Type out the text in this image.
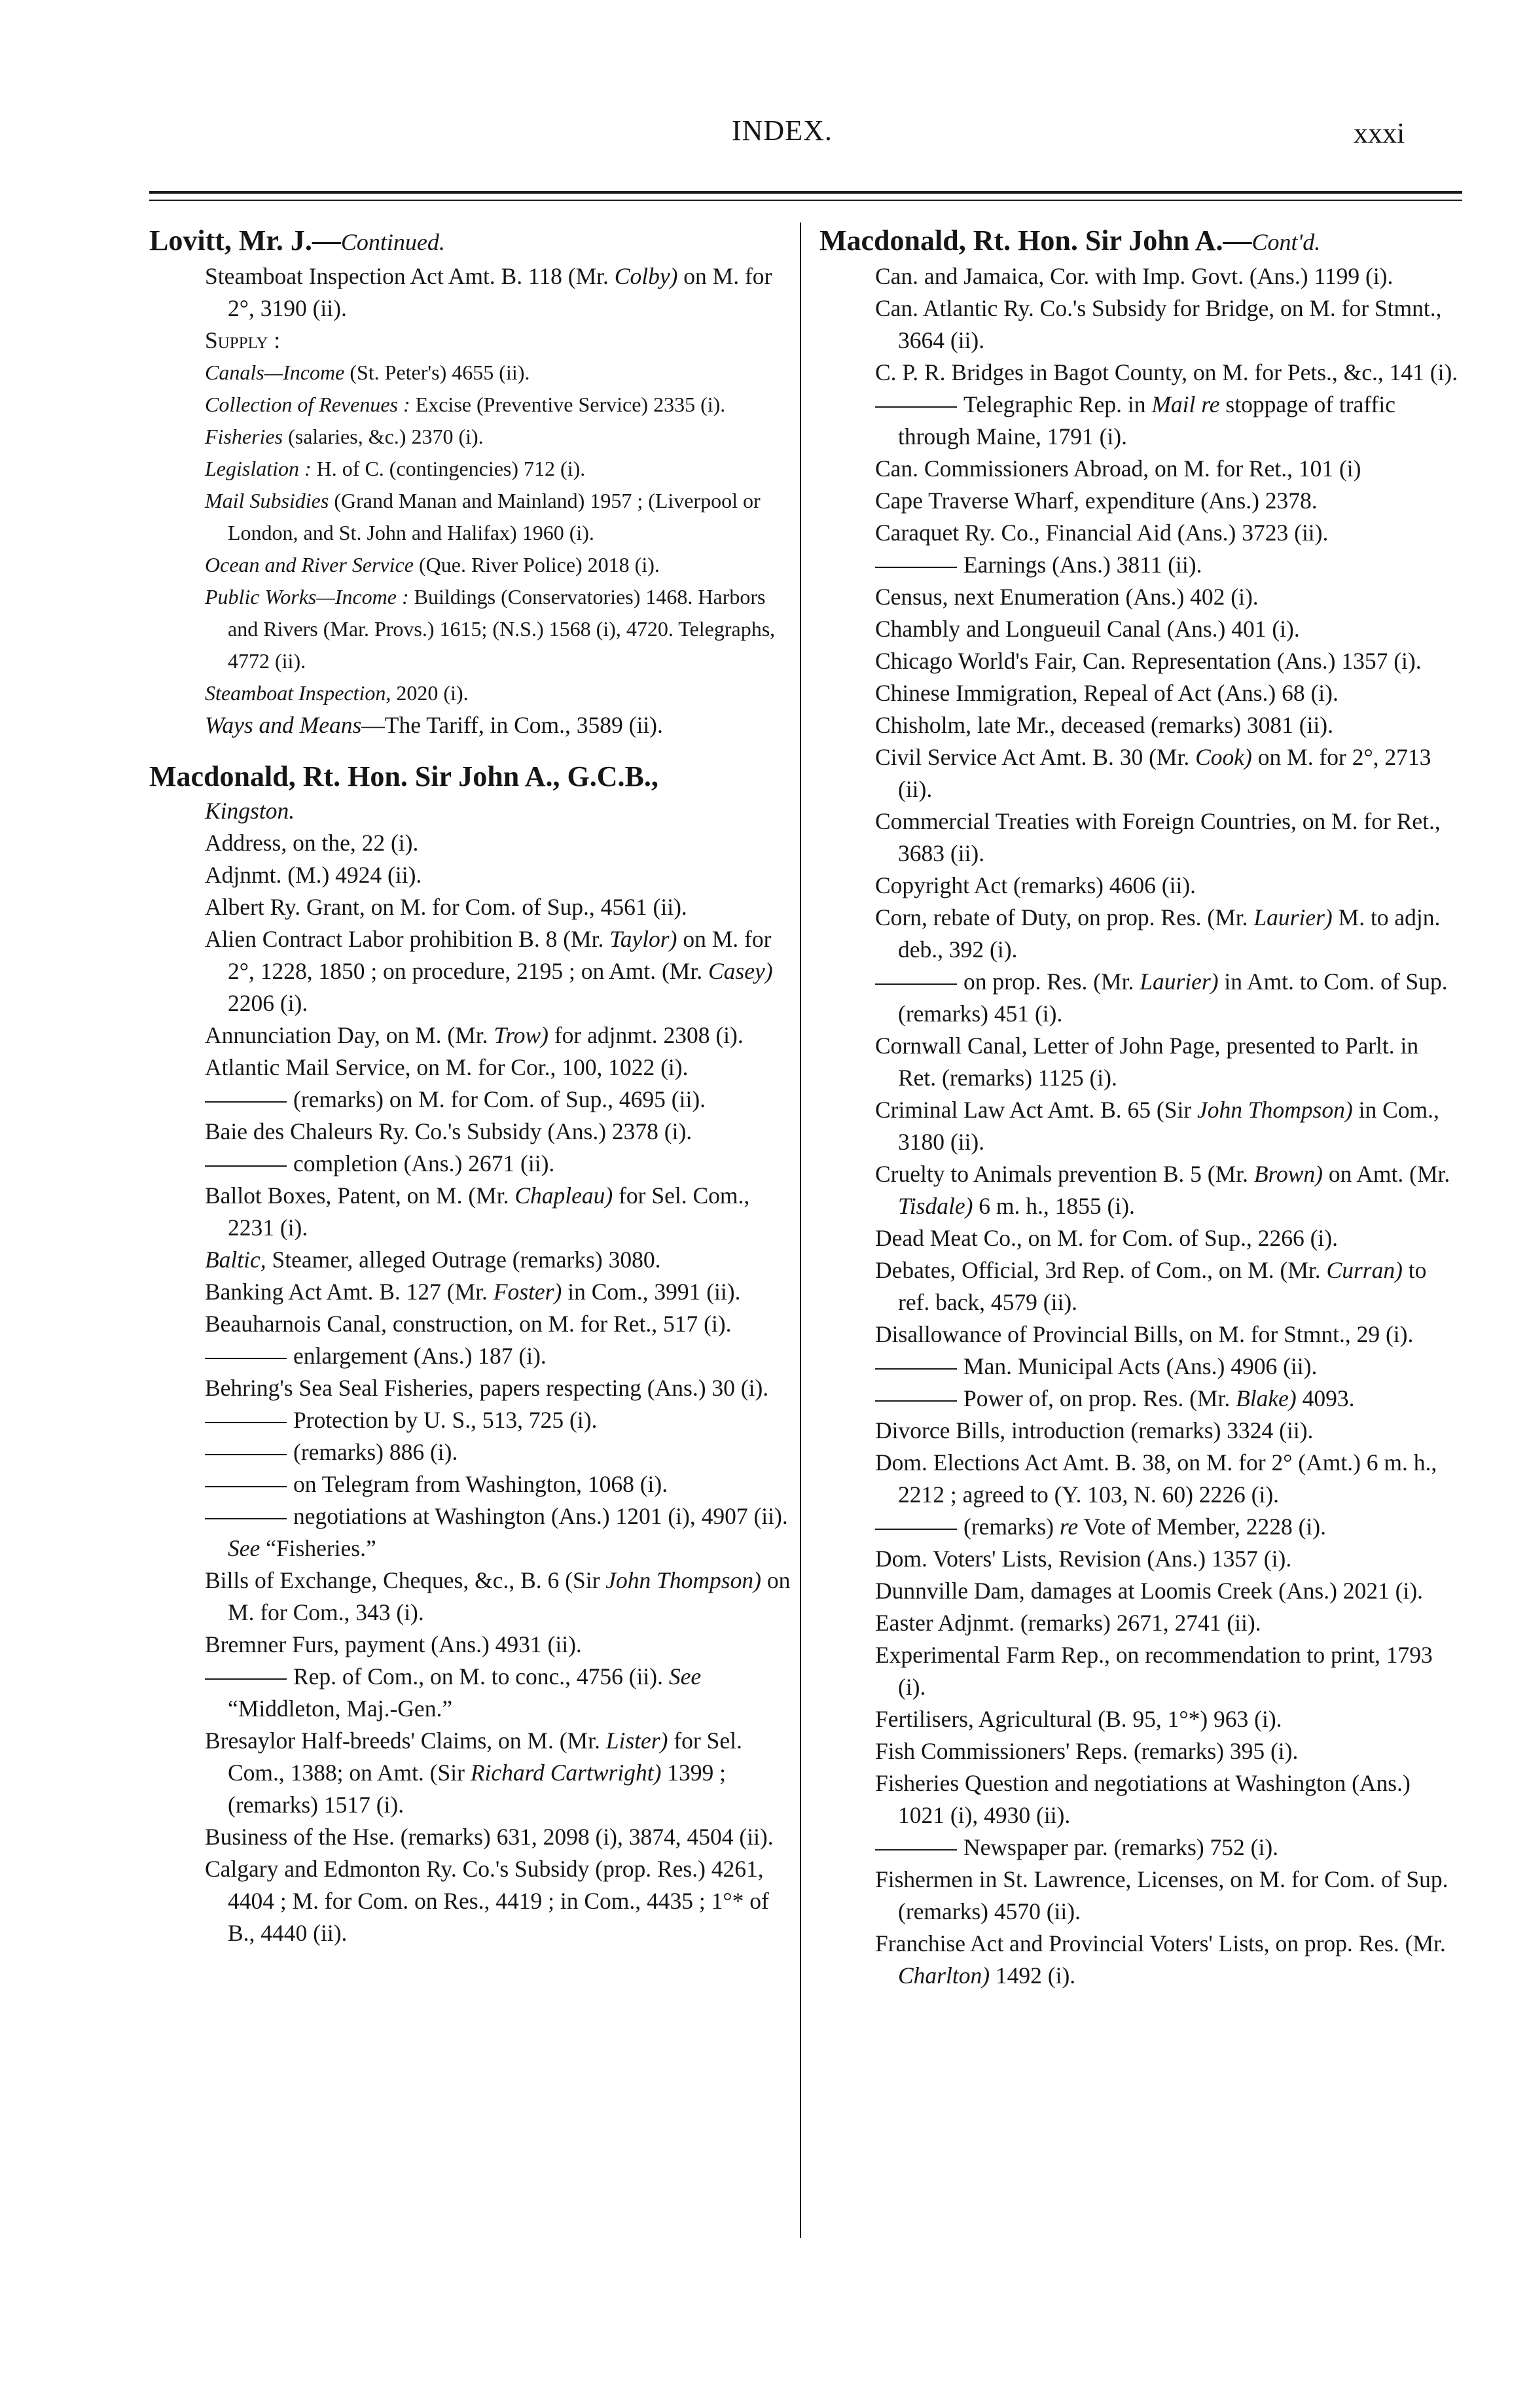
INDEX.	xxxi
Lovitt, Mr. J.—Continued.
Steamboat Inspection Act Amt. B. 118 (Mr. Colby) on M. for 2°, 3190 (ii).
Supply :
Canals—Income (St. Peter's) 4655 (ii).
Collection of Revenues : Excise (Preventive Service) 2335 (i).
Fisheries (salaries, &c.) 2370 (i).
Legislation : H. of C. (contingencies) 712 (i).
Mail Subsidies (Grand Manan and Mainland) 1957 ; (Liverpool or London, and St. John and Halifax) 1960 (i).
Ocean and River Service (Que. River Police) 2018 (i).
Public Works—Income : Buildings (Conservatories) 1468. Harbors and Rivers (Mar. Provs.) 1615; (N.S.) 1568 (i), 4720. Telegraphs, 4772 (ii).
Steamboat Inspection, 2020 (i).
Ways and Means—The Tariff, in Com., 3589 (ii).
Macdonald, Rt. Hon. Sir John A., G.C.B.,
Kingston.
Address, on the, 22 (i).
Adjnmt. (M.) 4924 (ii).
Albert Ry. Grant, on M. for Com. of Sup., 4561 (ii).
Alien Contract Labor prohibition B. 8 (Mr. Taylor) on M. for 2°, 1228, 1850 ; on procedure, 2195 ; on Amt. (Mr. Casey) 2206 (i).
Annunciation Day, on M. (Mr. Trow) for adjnmt. 2308 (i).
Atlantic Mail Service, on M. for Cor., 100, 1022 (i).
(remarks) on M. for Com. of Sup., 4695 (ii).
Baie des Chaleurs Ry. Co.'s Subsidy (Ans.) 2378 (i).
completion (Ans.) 2671 (ii).
Ballot Boxes, Patent, on M. (Mr. Chapleau) for Sel. Com., 2231 (i).
Baltic, Steamer, alleged Outrage (remarks) 3080.
Banking Act Amt. B. 127 (Mr. Foster) in Com., 3991 (ii).
Beauharnois Canal, construction, on M. for Ret., 517 (i).
enlargement (Ans.) 187 (i).
Behring's Sea Seal Fisheries, papers respecting (Ans.) 30 (i).
Protection by U. S., 513, 725 (i).
(remarks) 886 (i).
on Telegram from Washington, 1068 (i).
negotiations at Washington (Ans.) 1201 (i), 4907 (ii). See “Fisheries.”
Bills of Exchange, Cheques, &c., B. 6 (Sir John Thompson) on M. for Com., 343 (i).
Bremner Furs, payment (Ans.) 4931 (ii).
Rep. of Com., on M. to conc., 4756 (ii). See “Middleton, Maj.-Gen.”
Bresaylor Half-breeds' Claims, on M. (Mr. Lister) for Sel. Com., 1388; on Amt. (Sir Richard Cartwright) 1399 ; (remarks) 1517 (i).
Business of the Hse. (remarks) 631, 2098 (i), 3874, 4504 (ii).
Calgary and Edmonton Ry. Co.'s Subsidy (prop. Res.) 4261, 4404 ; M. for Com. on Res., 4419 ; in Com., 4435 ; 1°* of B., 4440 (ii).
Macdonald, Rt. Hon. Sir John A.—Cont'd.
Can. and Jamaica, Cor. with Imp. Govt. (Ans.) 1199 (i).
Can. Atlantic Ry. Co.'s Subsidy for Bridge, on M. for Stmnt., 3664 (ii).
C. P. R. Bridges in Bagot County, on M. for Pets., &c., 141 (i).
Telegraphic Rep. in Mail re stoppage of traffic through Maine, 1791 (i).
Can. Commissioners Abroad, on M. for Ret., 101 (i)
Cape Traverse Wharf, expenditure (Ans.) 2378.
Caraquet Ry. Co., Financial Aid (Ans.) 3723 (ii).
Earnings (Ans.) 3811 (ii).
Census, next Enumeration (Ans.) 402 (i).
Chambly and Longueuil Canal (Ans.) 401 (i).
Chicago World's Fair, Can. Representation (Ans.) 1357 (i).
Chinese Immigration, Repeal of Act (Ans.) 68 (i).
Chisholm, late Mr., deceased (remarks) 3081 (ii).
Civil Service Act Amt. B. 30 (Mr. Cook) on M. for 2°, 2713 (ii).
Commercial Treaties with Foreign Countries, on M. for Ret., 3683 (ii).
Copyright Act (remarks) 4606 (ii).
Corn, rebate of Duty, on prop. Res. (Mr. Laurier) M. to adjn. deb., 392 (i).
on prop. Res. (Mr. Laurier) in Amt. to Com. of Sup. (remarks) 451 (i).
Cornwall Canal, Letter of John Page, presented to Parlt. in Ret. (remarks) 1125 (i).
Criminal Law Act Amt. B. 65 (Sir John Thompson) in Com., 3180 (ii).
Cruelty to Animals prevention B. 5 (Mr. Brown) on Amt. (Mr. Tisdale) 6 m. h., 1855 (i).
Dead Meat Co., on M. for Com. of Sup., 2266 (i).
Debates, Official, 3rd Rep. of Com., on M. (Mr. Curran) to ref. back, 4579 (ii).
Disallowance of Provincial Bills, on M. for Stmnt., 29 (i).
Man. Municipal Acts (Ans.) 4906 (ii).
Power of, on prop. Res. (Mr. Blake) 4093.
Divorce Bills, introduction (remarks) 3324 (ii).
Dom. Elections Act Amt. B. 38, on M. for 2° (Amt.) 6 m. h., 2212 ; agreed to (Y. 103, N. 60) 2226 (i).
(remarks) re Vote of Member, 2228 (i).
Dom. Voters' Lists, Revision (Ans.) 1357 (i).
Dunnville Dam, damages at Loomis Creek (Ans.) 2021 (i).
Easter Adjnmt. (remarks) 2671, 2741 (ii).
Experimental Farm Rep., on recommendation to print, 1793 (i).
Fertilisers, Agricultural (B. 95, 1°*) 963 (i).
Fish Commissioners' Reps. (remarks) 395 (i).
Fisheries Question and negotiations at Washington (Ans.) 1021 (i), 4930 (ii).
Newspaper par. (remarks) 752 (i).
Fishermen in St. Lawrence, Licenses, on M. for Com. of Sup. (remarks) 4570 (ii).
Franchise Act and Provincial Voters' Lists, on prop. Res. (Mr. Charlton) 1492 (i).
